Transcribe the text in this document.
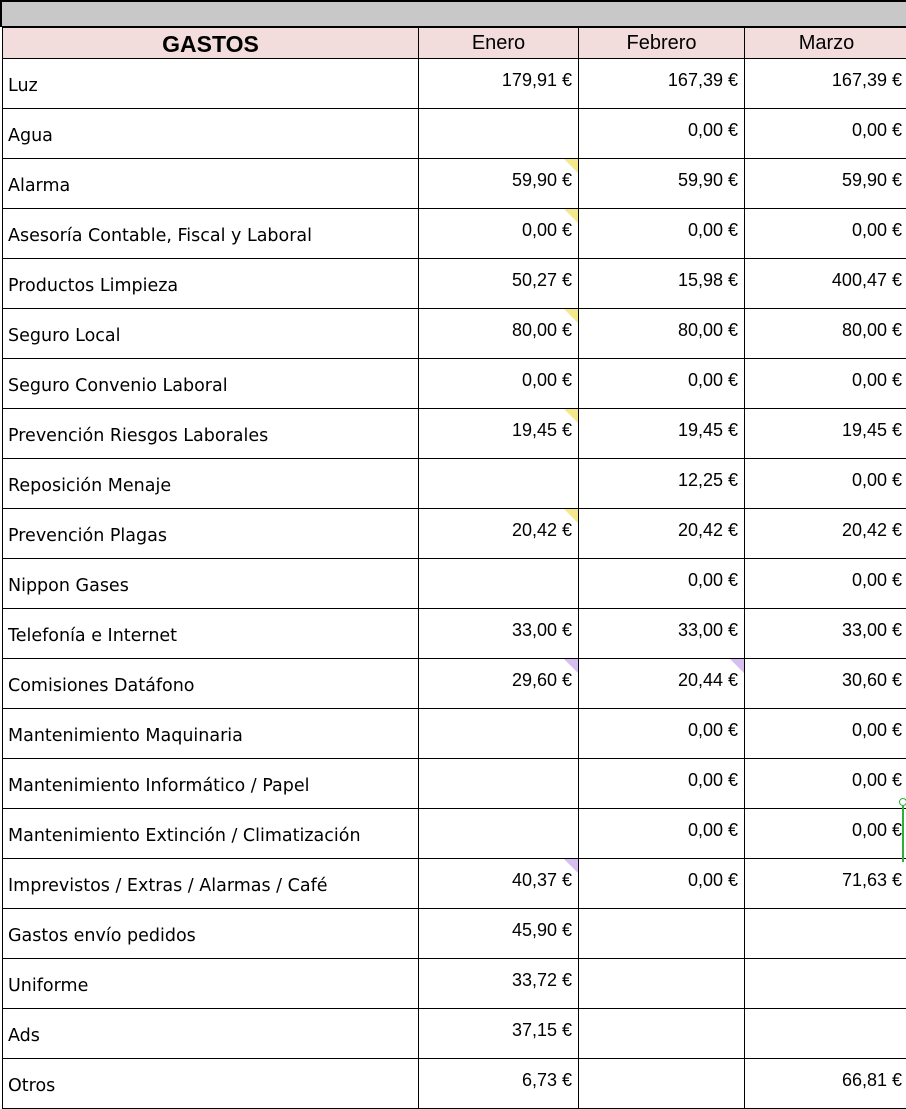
GASTOS	Enero	Febrero	Marzo
Luz	179,91 €	167,39 €	167,39 €
Agua		0,00 €	0,00 €
Alarma	59,90 €	59,90 €	59,90 €
Asesoría Contable, Fiscal y Laboral	0,00 €	0,00 €	0,00 €
Productos Limpieza	50,27 €	15,98 €	400,47 €
Seguro Local	80,00 €	80,00 €	80,00 €
Seguro Convenio Laboral	0,00 €	0,00 €	0,00 €
Prevención Riesgos Laborales	19,45 €	19,45 €	19,45 €
Reposición Menaje		12,25 €	0,00 €
Prevención Plagas	20,42 €	20,42 €	20,42 €
Nippon Gases		0,00 €	0,00 €
Telefonía e Internet	33,00 €	33,00 €	33,00 €
Comisiones Datáfono	29,60 €	20,44 €	30,60 €
Mantenimiento Maquinaria		0,00 €	0,00 €
Mantenimiento Informático / Papel		0,00 €	0,00 €
Mantenimiento Extinción / Climatización		0,00 €	0,00 €
Imprevistos / Extras / Alarmas / Café	40,37 €	0,00 €	71,63 €
Gastos envío pedidos	45,90 €		
Uniforme	33,72 €		
Ads	37,15 €		
Otros	6,73 €		66,81 €
